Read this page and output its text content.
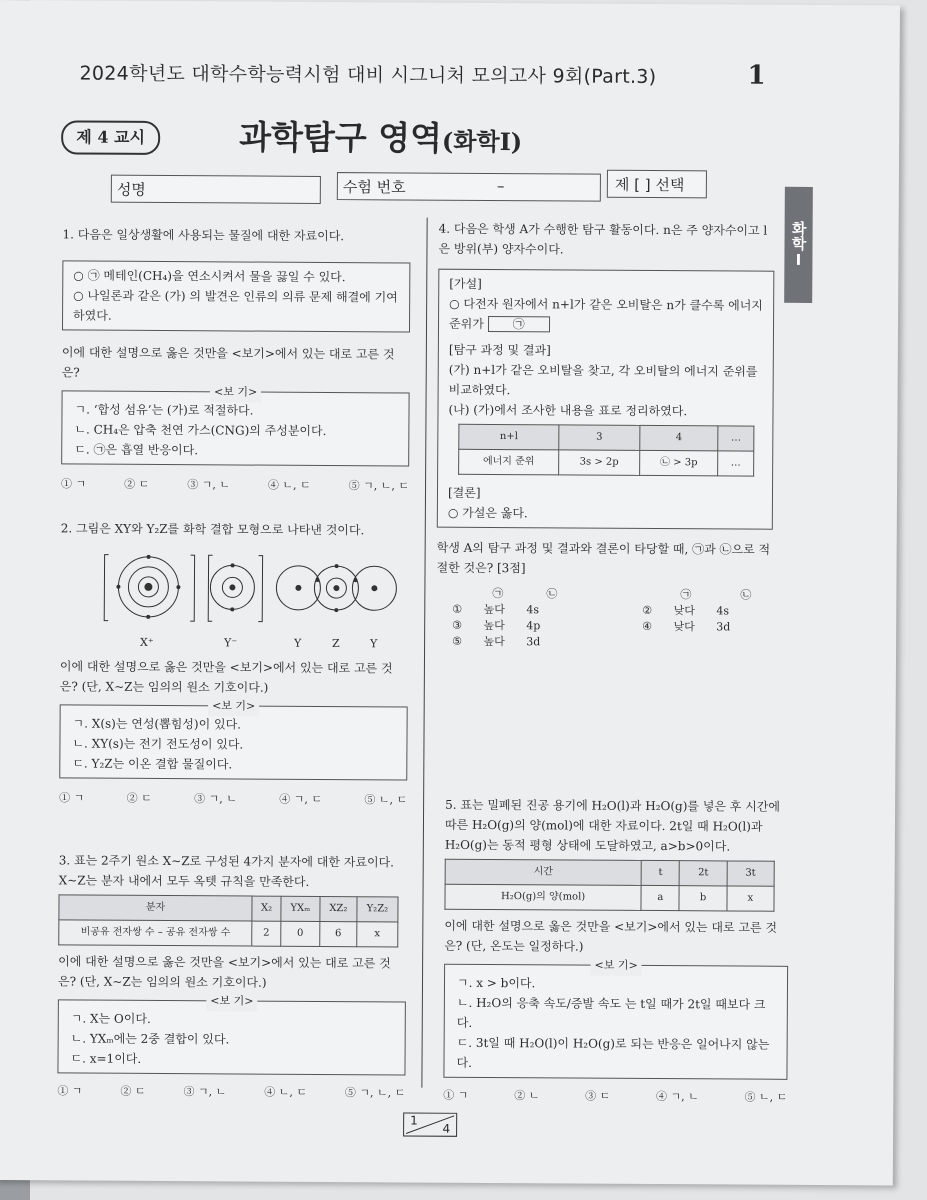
2024학년도 대학수학능력시험 대비 시그니처 모의고사 9회(Part.3)	1
제 4 교시	과학탐구 영역(화학Ⅰ)
성명	수험 번호	–	제 [ ] 선택
화학Ⅰ

1. 다음은 일상생활에 사용되는 물질에 대한 자료이다.

○ ㉠ 메테인(CH₄)을 연소시켜서 물을 끓일 수 있다.
○ 나일론과 같은 (가) 의 발견은 인류의 의류 문제 해결에 기여하였다.

이에 대한 설명으로 옳은 것만을 <보기>에서 있는 대로 고른 것은?

<보 기>
ㄱ. ‘합성 섬유’는 (가)로 적절하다.
ㄴ. CH₄은 압축 천연 가스(CNG)의 주성분이다.
ㄷ. ㉠은 흡열 반응이다.
① ㄱ	② ㄷ	③ ㄱ, ㄴ	④ ㄴ, ㄷ	⑤ ㄱ, ㄴ, ㄷ

2. 그림은 XY와 Y₂Z를 화학 결합 모형으로 나타낸 것이다.

X⁺	Y⁻	Y	Z	Y

이에 대한 설명으로 옳은 것만을 <보기>에서 있는 대로 고른 것은? (단, X~Z는 임의의 원소 기호이다.)

<보 기>
ㄱ. X(s)는 연성(뽑힘성)이 있다.
ㄴ. XY(s)는 전기 전도성이 있다.
ㄷ. Y₂Z는 이온 결합 물질이다.
① ㄱ	② ㄷ	③ ㄱ, ㄴ	④ ㄱ, ㄷ	⑤ ㄴ, ㄷ

3. 표는 2주기 원소 X~Z로 구성된 4가지 분자에 대한 자료이다. X~Z는 분자 내에서 모두 옥텟 규칙을 만족한다.

분자	X₂	YXₘ	XZ₂	Y₂Z₂
비공유 전자쌍 수 – 공유 전자쌍 수	2	0	6	x

이에 대한 설명으로 옳은 것만을 <보기>에서 있는 대로 고른 것은? (단, X~Z는 임의의 원소 기호이다.)

<보 기>
ㄱ. X는 O이다.
ㄴ. YXₘ에는 2중 결합이 있다.
ㄷ. x=1이다.
① ㄱ	② ㄷ	③ ㄱ, ㄴ	④ ㄴ, ㄷ	⑤ ㄱ, ㄴ, ㄷ

4. 다음은 학생 A가 수행한 탐구 활동이다. n은 주 양자수이고 l은 방위(부) 양자수이다.

[가설]
○ 다전자 원자에서 n+l가 같은 오비탈은 n가 클수록 에너지 준위가 ㉠
[탐구 과정 및 결과]
(가) n+l가 같은 오비탈을 찾고, 각 오비탈의 에너지 준위를 비교하였다.
(나) (가)에서 조사한 내용을 표로 정리하였다.
n+l	3	4	…
에너지 준위	3s > 2p	㉡ > 3p	…
[결론]
○ 가설은 옳다.

학생 A의 탐구 과정 및 결과와 결론이 타당할 때, ㉠과 ㉡으로 적절한 것은? [3점]

㉠	㉡	㉠	㉡
① 높다 4s	② 낮다 4s
③ 높다 4p	④ 낮다 3d
⑤ 높다 3d

5. 표는 밀폐된 진공 용기에 H₂O(l)과 H₂O(g)를 넣은 후 시간에 따른 H₂O(g)의 양(mol)에 대한 자료이다. 2t일 때 H₂O(l)과 H₂O(g)는 동적 평형 상태에 도달하였고, a>b>0이다.

시간	t	2t	3t
H₂O(g)의 양(mol)	a	b	x

이에 대한 설명으로 옳은 것만을 <보기>에서 있는 대로 고른 것은? (단, 온도는 일정하다.)

<보 기>
ㄱ. x > b이다.
ㄴ. H₂O의 응축 속도/증발 속도 는 t일 때가 2t일 때보다 크다.
ㄷ. 3t일 때 H₂O(l)이 H₂O(g)로 되는 반응은 일어나지 않는다.
① ㄱ	② ㄴ	③ ㄷ	④ ㄱ, ㄴ	⑤ ㄴ, ㄷ
1
4
